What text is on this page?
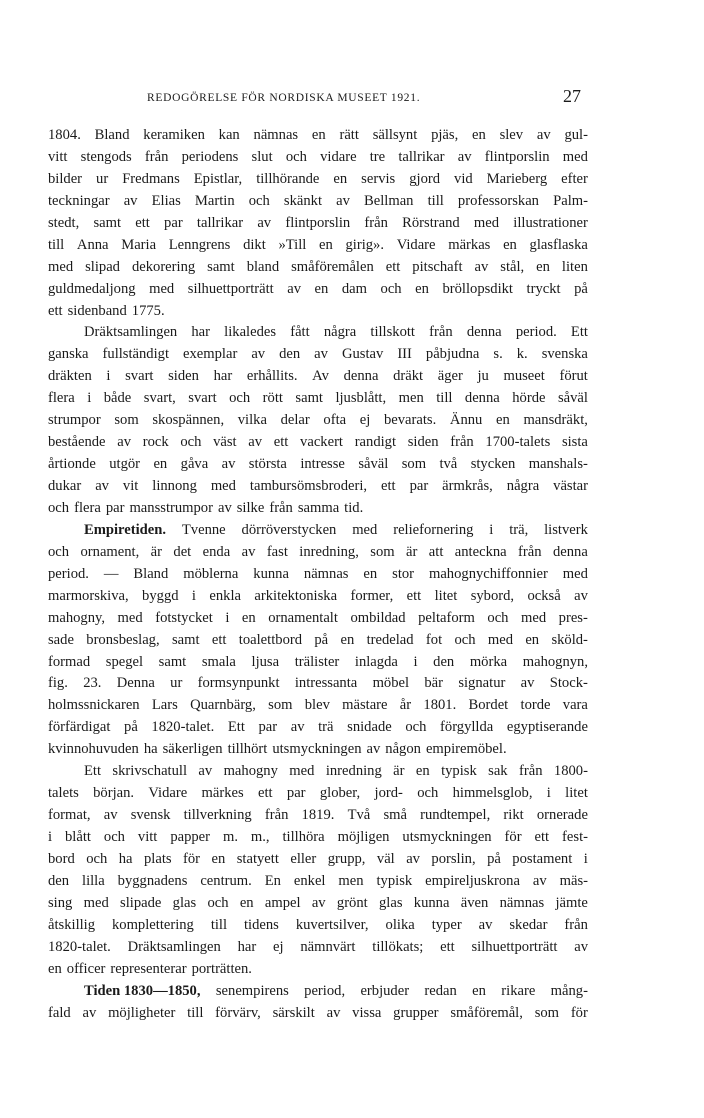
REDOGÖRELSE FÖR NORDISKA MUSEET 1921.	27
1804. Bland keramiken kan nämnas en rätt sällsynt pjäs, en slev av gul-
vitt stengods från periodens slut och vidare tre tallrikar av flintporslin med
bilder ur Fredmans Epistlar, tillhörande en servis gjord vid Marieberg efter
teckningar av Elias Martin och skänkt av Bellman till professorskan Palm-
stedt, samt ett par tallrikar av flintporslin från Rörstrand med illustrationer
till Anna Maria Lenngrens dikt »Till en girig». Vidare märkas en glasflaska
med slipad dekorering samt bland småföremålen ett pitschaft av stål, en liten
guldmedaljong med silhuettporträtt av en dam och en bröllopsdikt tryckt på
ett sidenband 1775.
Dräktsamlingen har likaledes fått några tillskott från denna period. Ett
ganska fullständigt exemplar av den av Gustav III påbjudna s. k. svenska
dräkten i svart siden har erhållits. Av denna dräkt äger ju museet förut
flera i både svart, svart och rött samt ljusblått, men till denna hörde såväl
strumpor som skospännen, vilka delar ofta ej bevarats. Ännu en mansdräkt,
bestående av rock och väst av ett vackert randigt siden från 1700-talets sista
årtionde utgör en gåva av största intresse såväl som två stycken manshals-
dukar av vit linnong med tambursömsbroderi, ett par ärmkrås, några västar
och flera par mansstrumpor av silke från samma tid.
Empiretiden. Tvenne dörröverstycken med reliefornering i trä, listverk
och ornament, är det enda av fast inredning, som är att anteckna från denna
period. — Bland möblerna kunna nämnas en stor mahognychiffonnier med
marmorskiva, byggd i enkla arkitektoniska former, ett litet sybord, också av
mahogny, med fotstycket i en ornamentalt ombildad peltaform och med pres-
sade bronsbeslag, samt ett toalettbord på en tredelad fot och med en sköld-
formad spegel samt smala ljusa trälister inlagda i den mörka mahognyn,
fig. 23. Denna ur formsynpunkt intressanta möbel bär signatur av Stock-
holmssnickaren Lars Quarnbärg, som blev mästare år 1801. Bordet torde vara
förfärdigat på 1820-talet. Ett par av trä snidade och förgyllda egyptiserande
kvinnohuvuden ha säkerligen tillhört utsmyckningen av någon empiremöbel.
Ett skrivschatull av mahogny med inredning är en typisk sak från 1800-
talets början. Vidare märkes ett par glober, jord- och himmelsglob, i litet
format, av svensk tillverkning från 1819. Två små rundtempel, rikt ornerade
i blått och vitt papper m. m., tillhöra möjligen utsmyckningen för ett fest-
bord och ha plats för en statyett eller grupp, väl av porslin, på postament i
den lilla byggnadens centrum. En enkel men typisk empireljuskrona av mäs-
sing med slipade glas och en ampel av grönt glas kunna även nämnas jämte
åtskillig komplettering till tidens kuvertsilver, olika typer av skedar från
1820-talet. Dräktsamlingen har ej nämnvärt tillökats; ett silhuettporträtt av
en officer representerar porträtten.
Tiden 1830—1850, senempirens period, erbjuder redan en rikare mång-
fald av möjligheter till förvärv, särskilt av vissa grupper småföremål, som för
